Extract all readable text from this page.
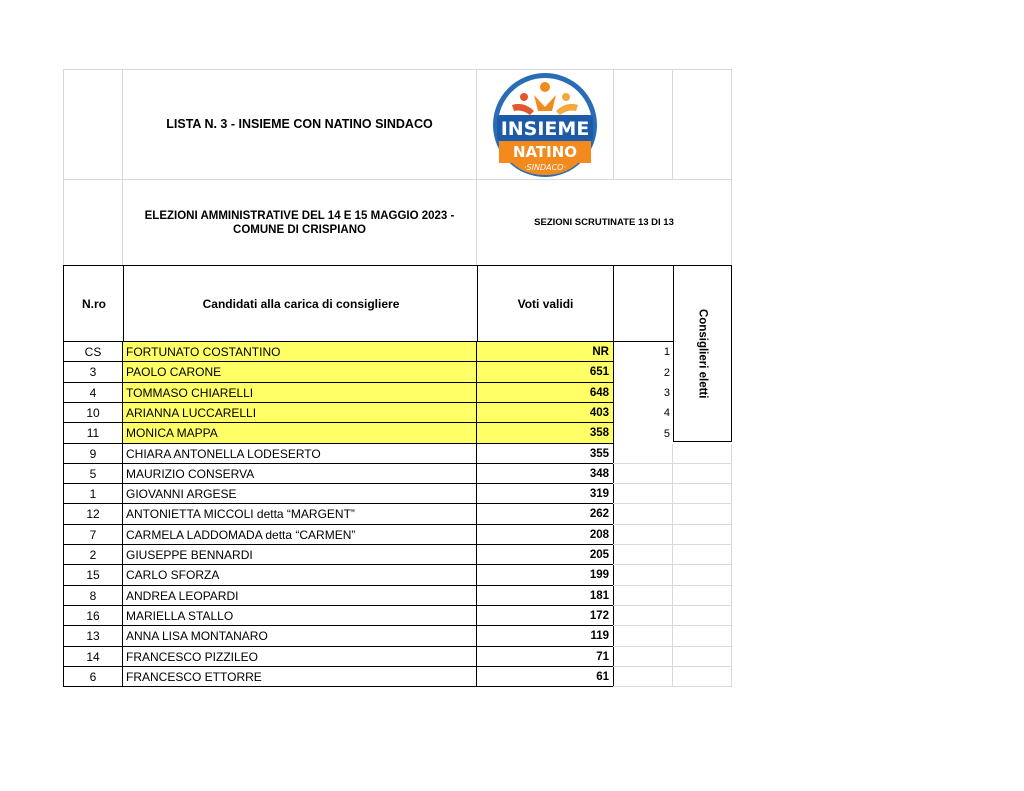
LISTA N. 3 - INSIEME CON NATINO SINDACO	INSIEME
NATINO
·SINDACO·
ELEZIONI AMMINISTRATIVE DEL 14 E 15 MAGGIO 2023 -
COMUNE DI CRISPIANO
SEZIONI SCRUTINATE 13 DI 13
N.ro	Candidati alla carica di consigliere	Voti validi
Consiglieri eletti
CS	FORTUNATO COSTANTINO	NR	1
3	PAOLO CARONE	651	2
4	TOMMASO CHIARELLI	648	3
10	ARIANNA LUCCARELLI	403	4
11	MONICA MAPPA	358	5
9	CHIARA ANTONELLA LODESERTO	355
5	MAURIZIO CONSERVA	348
1	GIOVANNI ARGESE	319
12	ANTONIETTA MICCOLI detta “MARGENT”	262
7	CARMELA LADDOMADA detta “CARMEN”	208
2	GIUSEPPE BENNARDI	205
15	CARLO SFORZA	199
8	ANDREA LEOPARDI	181
16	MARIELLA STALLO	172
13	ANNA LISA MONTANARO	119
14	FRANCESCO PIZZILEO	71
6	FRANCESCO ETTORRE	61
